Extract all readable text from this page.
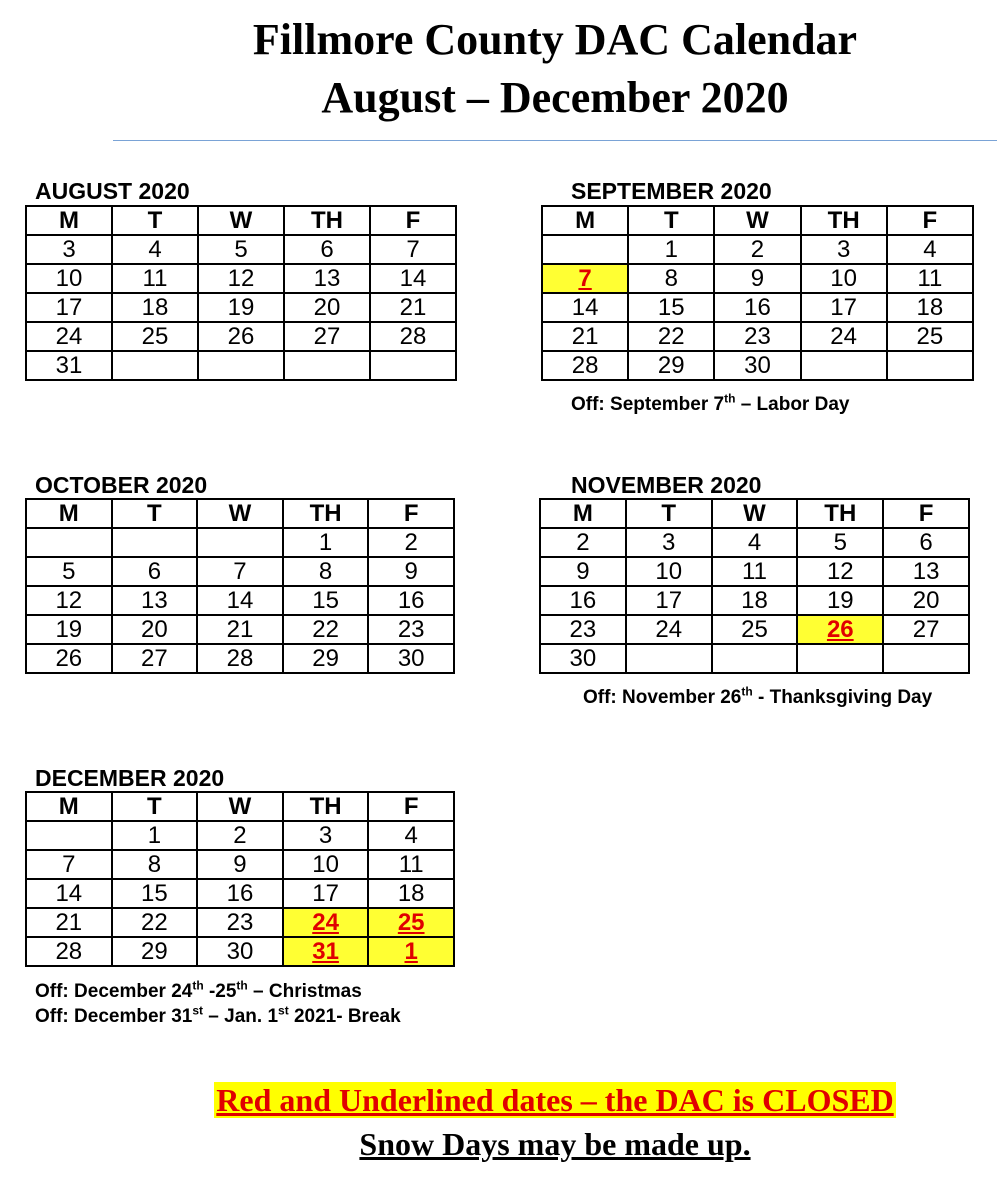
Fillmore County DAC Calendar
August – December 2020
AUGUST 2020	SEPTEMBER 2020
OCTOBER 2020	NOVEMBER 2020
DECEMBER 2020
M	T	W	TH	F
3	4	5	6	7
10	11	12	13	14
17	18	19	20	21
24	25	26	27	28
31				
M	T	W	TH	F
	1	2	3	4
7	8	9	10	11
14	15	16	17	18
21	22	23	24	25
28	29	30		
M	T	W	TH	F
			1	2
5	6	7	8	9
12	13	14	15	16
19	20	21	22	23
26	27	28	29	30
M	T	W	TH	F
2	3	4	5	6
9	10	11	12	13
16	17	18	19	20
23	24	25	26	27
30				
M	T	W	TH	F
	1	2	3	4
7	8	9	10	11
14	15	16	17	18
21	22	23	24	25
28	29	30	31	1
Off: September 7th – Labor Day
Off: November 26th - Thanksgiving Day
Off: December 24th -25th – Christmas
Off: December 31st – Jan. 1st 2021- Break
Red and Underlined dates – the DAC is CLOSED
Snow Days may be made up.
